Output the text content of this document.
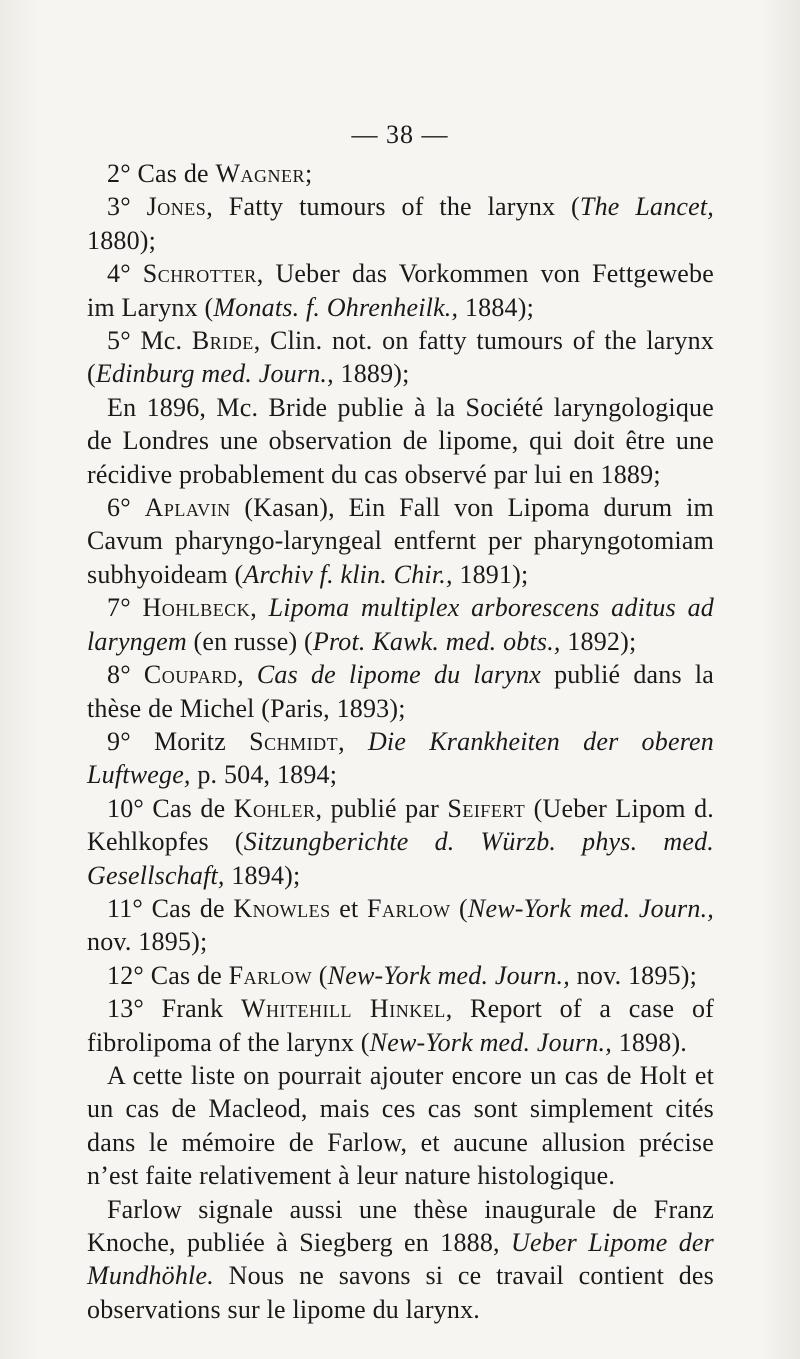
— 38 —

2° Cas de Wagner;

3° Jones, Fatty tumours of the larynx (The Lancet, 1880);

4° Schrotter, Ueber das Vorkommen von Fettgewebe im Larynx (Monats. f. Ohrenheilk., 1884);

5° Mc. Bride, Clin. not. on fatty tumours of the larynx (Edinburg med. Journ., 1889);

En 1896, Mc. Bride publie à la Société laryngologique de Londres une observation de lipome, qui doit être une récidive probablement du cas observé par lui en 1889;

6° Aplavin (Kasan), Ein Fall von Lipoma durum im Cavum pharyngo-laryngeal entfernt per pharyngotomiam subhyoideam (Archiv f. klin. Chir., 1891);

7° Hohlbeck, Lipoma multiplex arborescens aditus ad laryngem (en russe) (Prot. Kawk. med. obts., 1892);

8° Coupard, Cas de lipome du larynx publié dans la thèse de Michel (Paris, 1893);

9° Moritz Schmidt, Die Krankheiten der oberen Luftwege, p. 504, 1894;

10° Cas de Kohler, publié par Seifert (Ueber Lipom d. Kehlkopfes (Sitzungberichte d. Würzb. phys. med. Gesellschaft, 1894);

11° Cas de Knowles et Farlow (New-York med. Journ., nov. 1895);

12° Cas de Farlow (New-York med. Journ., nov. 1895);

13° Frank Whitehill Hinkel, Report of a case of fibrolipoma of the larynx (New-York med. Journ., 1898).

A cette liste on pourrait ajouter encore un cas de Holt et un cas de Macleod, mais ces cas sont simplement cités dans le mémoire de Farlow, et aucune allusion précise n’est faite relativement à leur nature histologique.

Farlow signale aussi une thèse inaugurale de Franz Knoche, publiée à Siegberg en 1888, Ueber Lipome der Mundhöhle. Nous ne savons si ce travail contient des observations sur le lipome du larynx.
